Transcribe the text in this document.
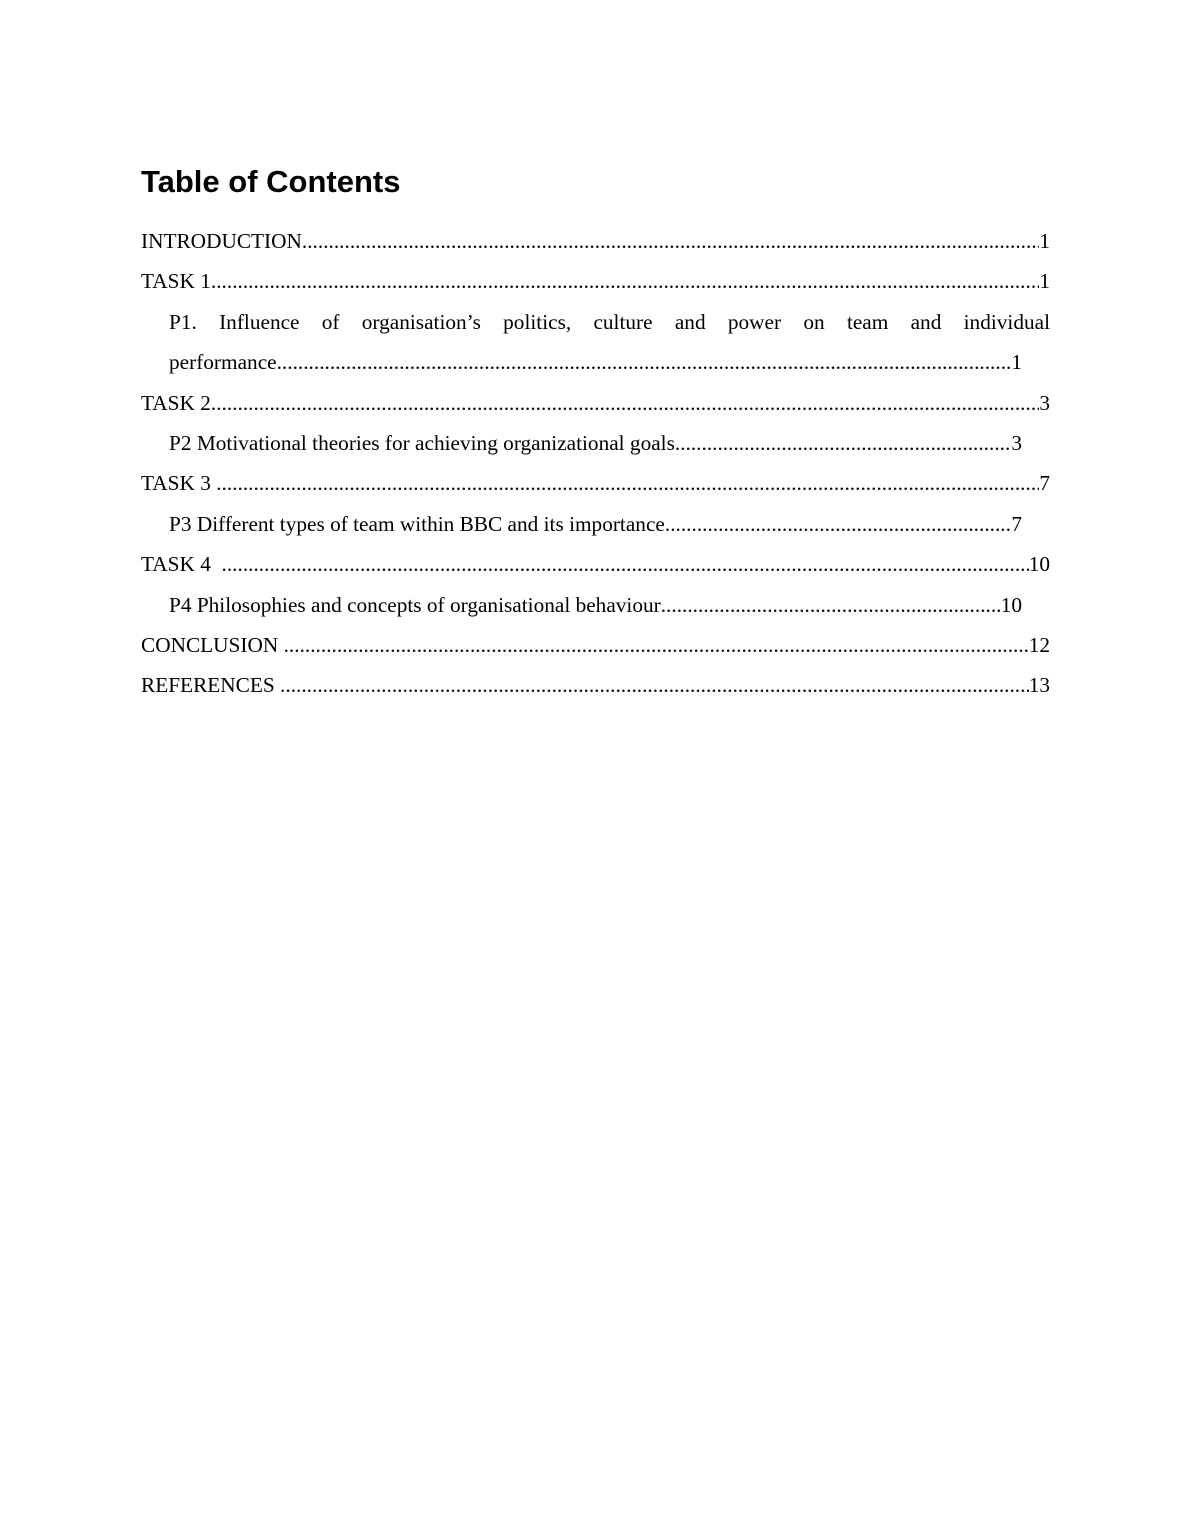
Table of Contents
INTRODUCTION .....	1
TASK 1 .....	1
P1. Influence of organisation’s politics, culture and power on team and individual
performance .....	1
TASK 2 .....	3
P2 Motivational theories for achieving organizational goals .....	3
TASK 3 .....	7
P3 Different types of team within BBC and its importance .....	7
TASK 4 .....	10
P4 Philosophies and concepts of organisational behaviour .....	10
CONCLUSION .....	12
REFERENCES .....	13
